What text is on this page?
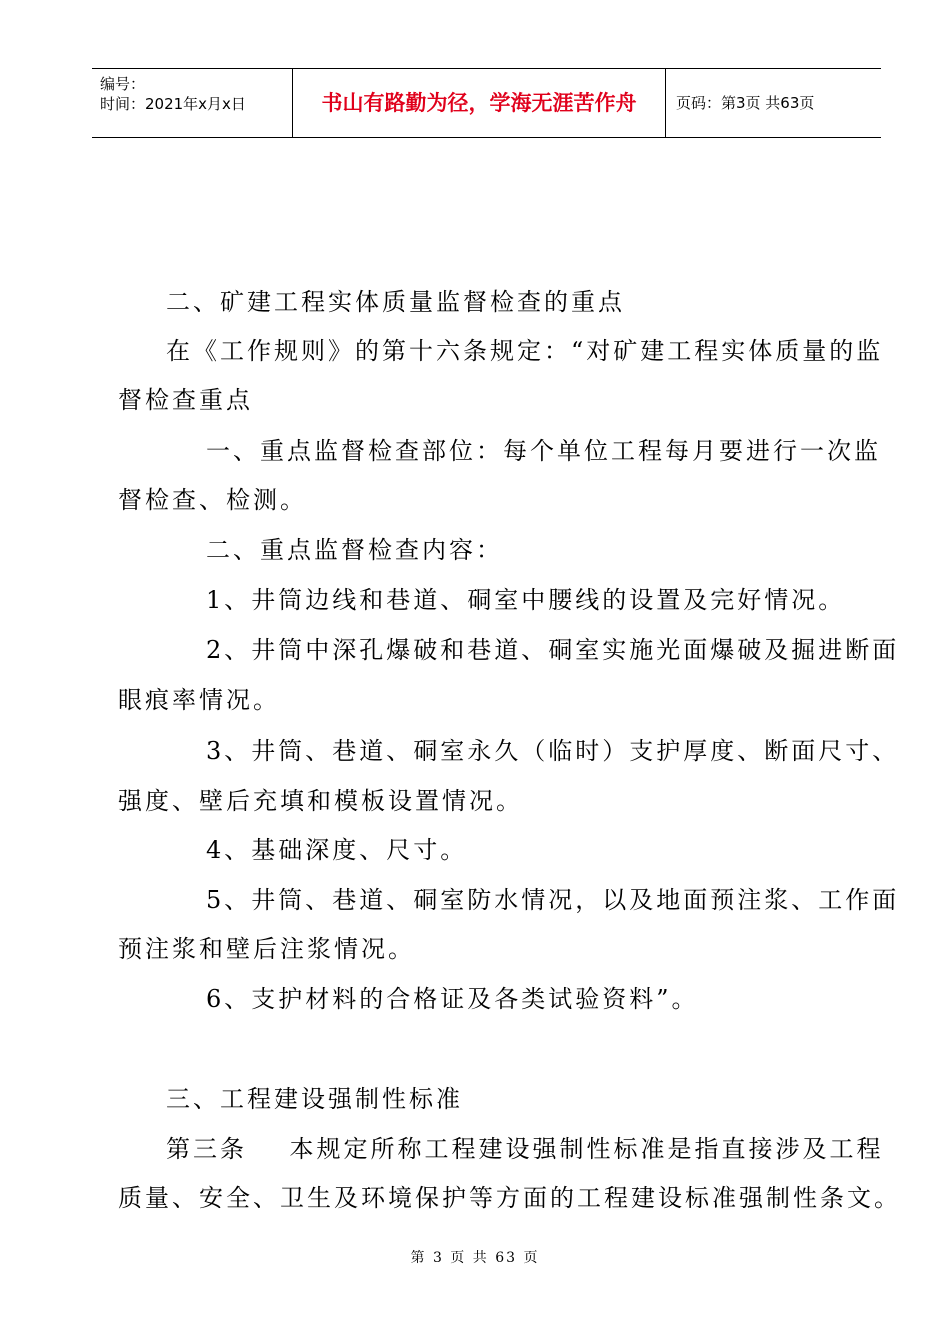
编号：
时间：2021年x月x日	书山有路勤为径，学海无涯苦作舟	页码：第3页 共63页
二、矿建工程实体质量监督检查的重点
在《工作规则》的第十六条规定：“对矿建工程实体质量的监
督检查重点
一、重点监督检查部位：每个单位工程每月要进行一次监
督检查、检测。
二、重点监督检查内容：
1、井筒边线和巷道、硐室中腰线的设置及完好情况。
2、井筒中深孔爆破和巷道、硐室实施光面爆破及掘进断面
眼痕率情况。
3、井筒、巷道、硐室永久（临时）支护厚度、断面尺寸、
强度、壁后充填和模板设置情况。
4、基础深度、尺寸。
5、井筒、巷道、硐室防水情况，以及地面预注浆、工作面
预注浆和壁后注浆情况。
6、支护材料的合格证及各类试验资料”。
三、工程建设强制性标准
第三条    本规定所称工程建设强制性标准是指直接涉及工程
质量、安全、卫生及环境保护等方面的工程建设标准强制性条文。
第 3 页 共 63 页
